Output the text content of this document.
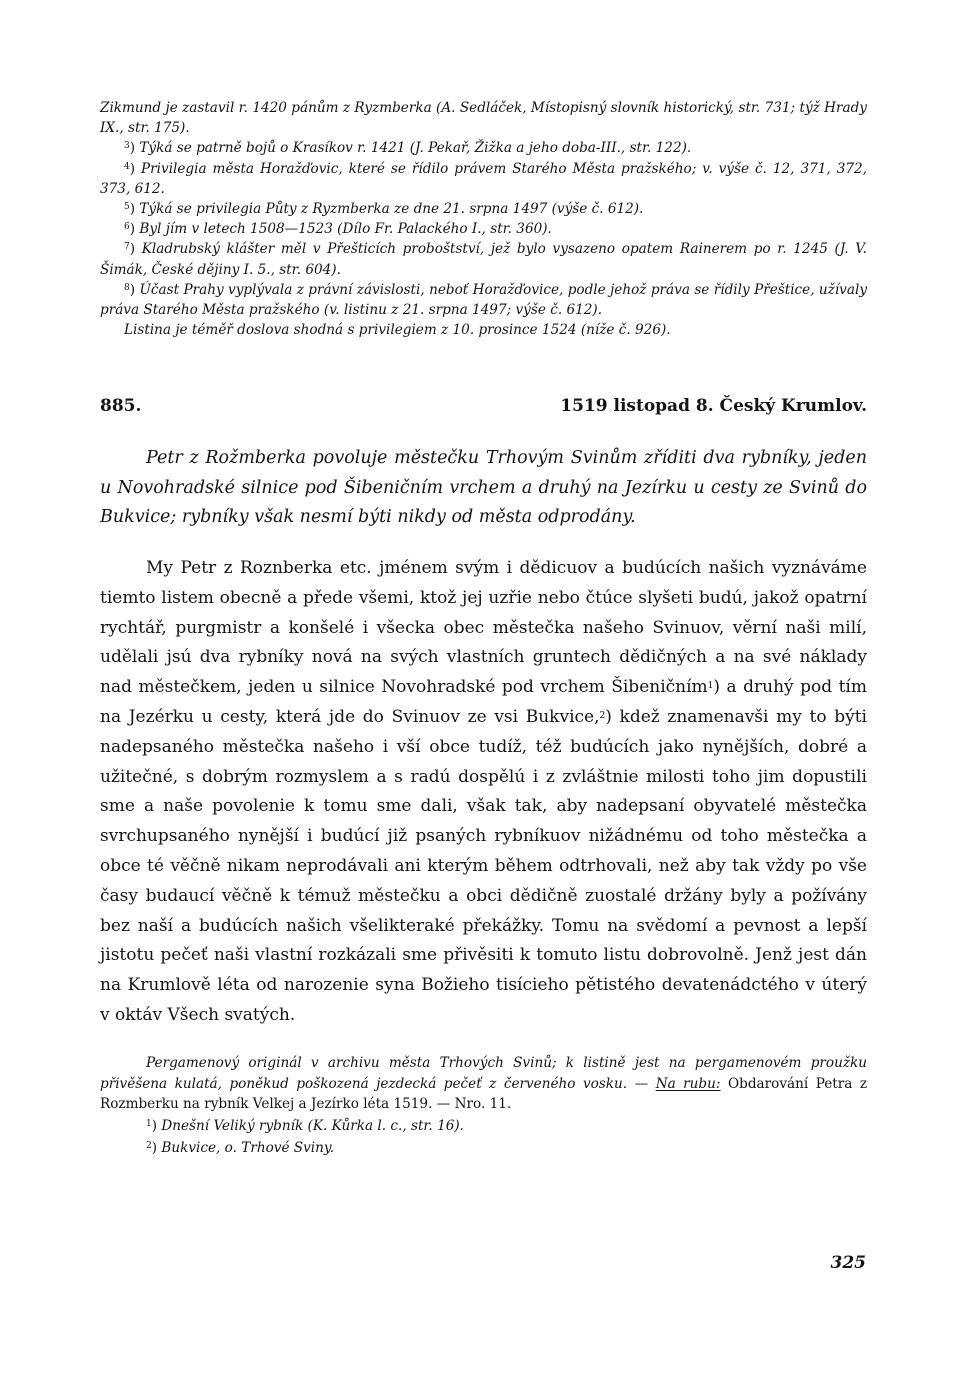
Zikmund je zastavil r. 1420 pánům z Ryzmberka (A. Sedláček, Místopisný slovník historický, str. 731; týž Hrady IX., str. 175).

$^3$) Týká se patrně bojů o Krasíkov r. 1421 (J. Pekař, Žižka a jeho doba-III., str. 122).

$^4$) Privilegia města Horažďovic, které se řídilo právem Starého Města pražského; v. výše č. 12, 371, 372, 373, 612.

$^5$) Týká se privilegia Půty z Ryzmberka ze dne 21. srpna 1497 (výše č. 612).

$^6$) Byl jím v letech 1508—1523 (Dílo Fr. Palackého I., str. 360).

$^7$) Kladrubský klášter měl v Přešticích proboštství, jež bylo vysazeno opatem Rainerem po r. 1245 (J. V. Šimák, České dějiny I. 5., str. 604).

$^8$) Účast Prahy vyplývala z právní závislosti, neboť Horažďovice, podle jehož práva se řídily Přeštice, užívaly práva Starého Města pražského (v. listinu z 21. srpna 1497; výše č. 612).

Listina je téměř doslova shodná s privilegiem z 10. prosince 1524 (níže č. 926).

885.	1519 listopad 8. Český Krumlov.

Petr z Rožmberka povoluje městečku Trhovým Svinům zříditi dva rybníky, jeden u Novohradské silnice pod Šibeničním vrchem a druhý na Jezírku u cesty ze Svinů do Bukvice; rybníky však nesmí býti nikdy od města odprodány.

My Petr z Roznberka etc. jménem svým i dědicuov a budúcích našich vyznáváme tiemto listem obecně a předе všemi, ktož jej uzřie nebo čtúce slyšeti budú, jakož opatrní rychtář, purgmistr a konšelé i všecka obec městečka našeho Svinuov, věrní naši milí, udělali jsú dva rybníky nová na svých vlastních gruntech dědičných a na své náklady nad městečkem, jeden u silnice Novohradské pod vrchem Šibeničním$^1$) a druhý pod tím na Jezérku u cesty, která jde do Svinuov ze vsi Bukvice,$^2$) kdež znamenavši my to býti nadepsaného městečka našeho i vší obce tudíž, též budúcích jako nynějších, dobré a užitečné, s dobrým rozmyslem a s radú dospělú i z zvláštnie milosti toho jim dopustili sme a naše povolenie k tomu sme dali, však tak, aby nadepsaní obyvatelé městečka svrchupsaného nynější i budúcí již psaných rybníkuov nižádnému od toho městečka a obce té věčně nikam neprodávali ani kterým během odtrhovali, než aby tak vždy po vše časy budaucí věčně k témuž městečku a obci dědičně zuostalé držány byly a požívány bez naší a budúcích našich všelikteraké překážky. Tomu na svědomí a pevnost a lepší jistotu pečeť naši vlastní rozkázali sme přivěsiti k tomuto listu dobrovolně. Jenž jest dán na Krumlově léta od narozenie syna Božieho tisícieho pětistého devatenádctého v úterý v oktáv Všech svatých.

Pergamenový originál v archivu města Trhových Svinů; k listině jest na pergamenovém proužku přivěšena kulatá, poněkud poškozená jezdecká pečeť z červeného vosku. — Na rubu: Obdarování Petra z Rozmberku na rybník Velkej a Jezírko léta 1519. — Nro. 11.

$^1$) Dnešní Veliký rybník (K. Kůrka l. c., str. 16).

$^2$) Bukvice, o. Trhové Sviny.

325
